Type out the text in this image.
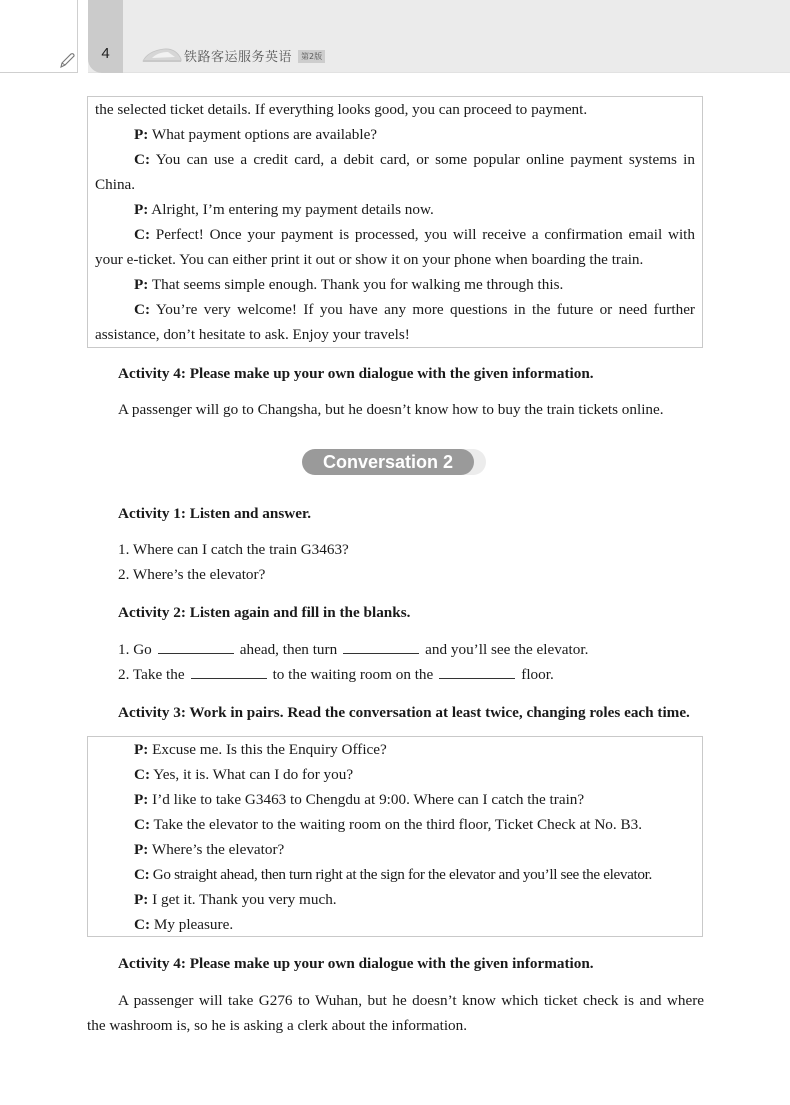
4	铁路客运服务英语	第2版
the selected ticket details. If everything looks good, you can proceed to payment.
P: What payment options are available?
C: You can use a credit card, a debit card, or some popular online payment systems in
China.
P: Alright, I’m entering my payment details now.
C: Perfect! Once your payment is processed, you will receive a confirmation email with
your e-ticket. You can either print it out or show it on your phone when boarding the train.
P: That seems simple enough. Thank you for walking me through this.
C: You’re very welcome! If you have any more questions in the future or need further
assistance, don’t hesitate to ask. Enjoy your travels!
Activity 4: Please make up your own dialogue with the given information.
A passenger will go to Changsha, but he doesn’t know how to buy the train tickets online.
Conversation 2
Activity 1: Listen and answer.
1. Where can I catch the train G3463?
2. Where’s the elevator?
Activity 2: Listen again and fill in the blanks.
1. Go	ahead, then turn	and you’ll see the elevator.
2. Take the	to the waiting room on the	floor.
Activity 3: Work in pairs. Read the conversation at least twice, changing roles each time.
P: Excuse me. Is this the Enquiry Office?
C: Yes, it is. What can I do for you?
P: I’d like to take G3463 to Chengdu at 9:00. Where can I catch the train?
C: Take the elevator to the waiting room on the third floor, Ticket Check at No. B3.
P: Where’s the elevator?
C: Go straight ahead, then turn right at the sign for the elevator and you’ll see the elevator.
P: I get it. Thank you very much.
C: My pleasure.
Activity 4: Please make up your own dialogue with the given information.
A passenger will take G276 to Wuhan, but he doesn’t know which ticket check is and where
the washroom is, so he is asking a clerk about the information.
